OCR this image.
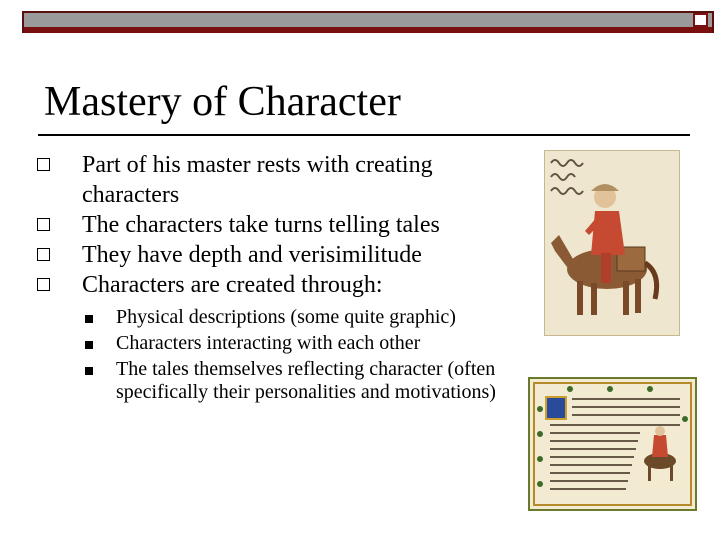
Mastery of Character
Part of his master rests with creating characters
The characters take turns telling tales
They have depth and verisimilitude
Characters are created through:
Physical descriptions (some quite graphic)
Characters interacting with each other
The tales themselves reflecting character (often specifically their personalities and motivations)
